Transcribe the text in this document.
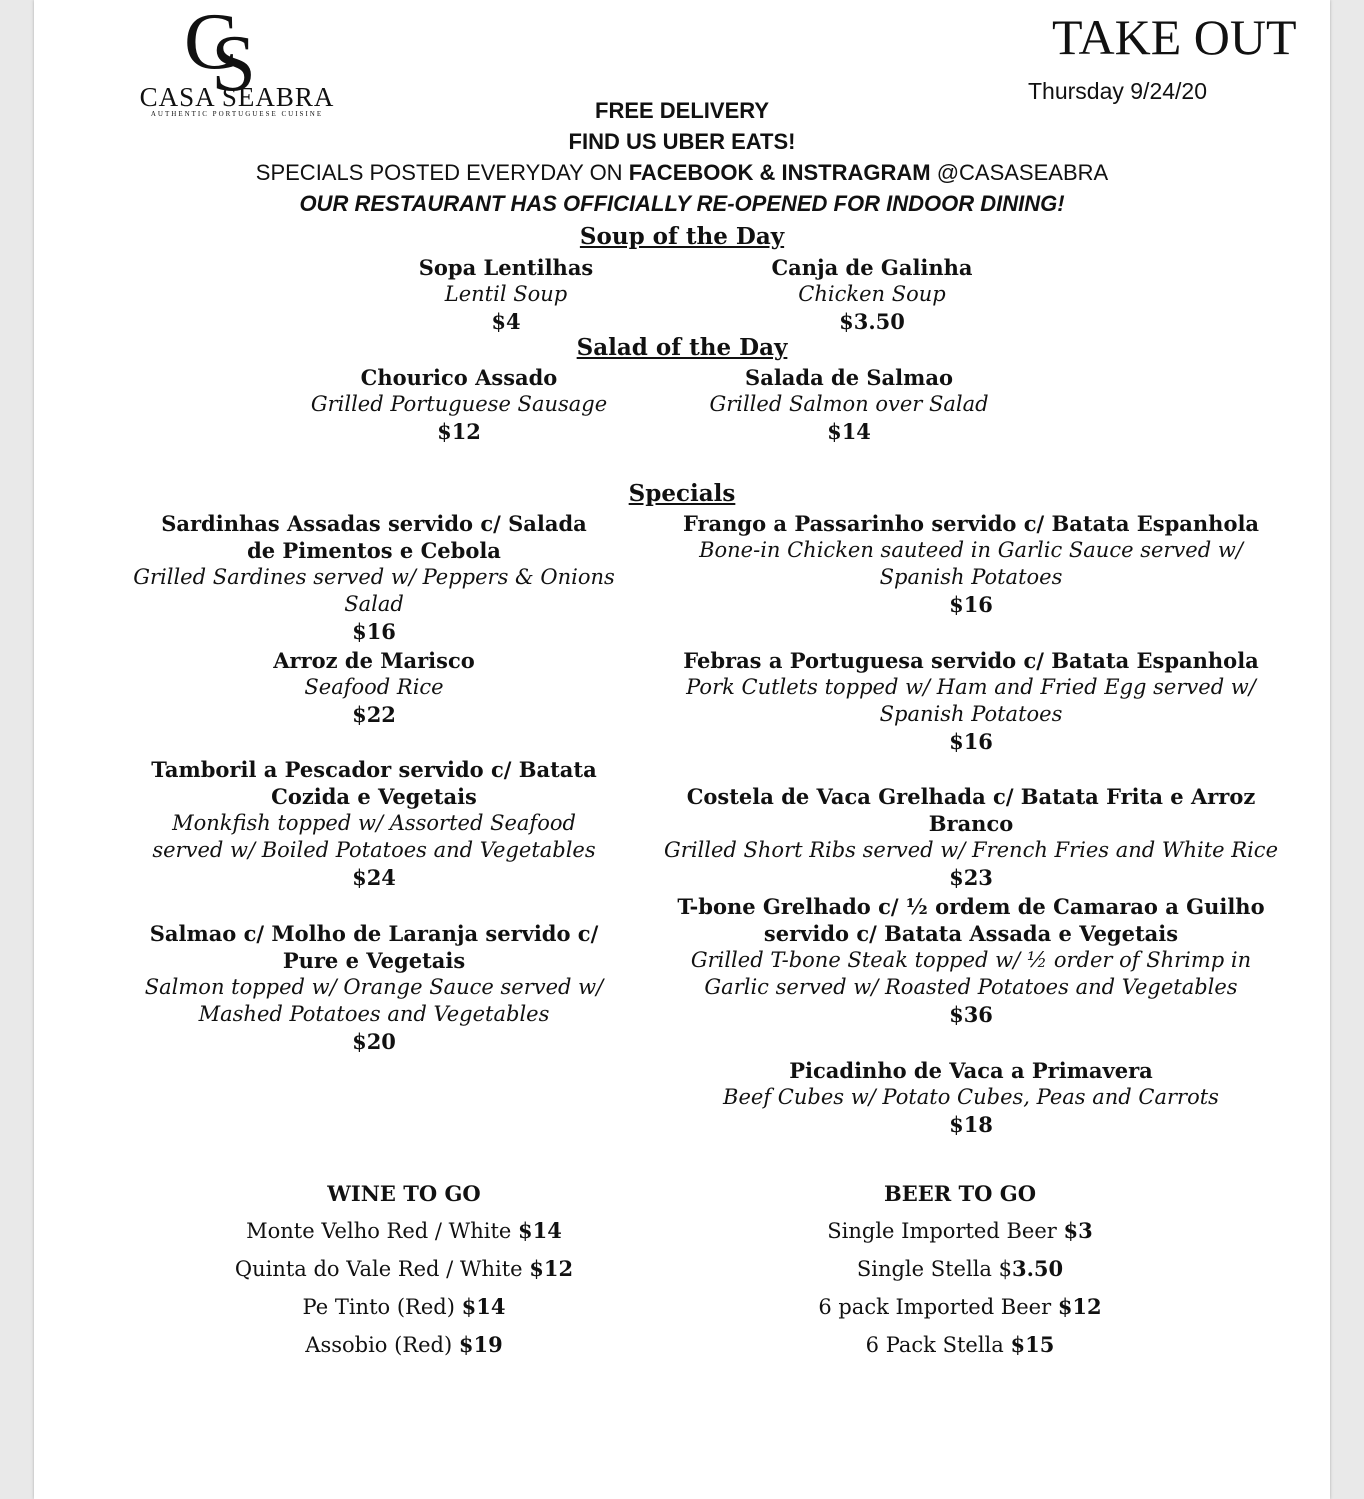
CS
CASA SEABRA
AUTHENTIC PORTUGUESE CUISINE
TAKE OUT
Thursday 9/24/20
FREE DELIVERY
FIND US UBER EATS!
SPECIALS POSTED EVERYDAY ON FACEBOOK & INSTRAGRAM @CASASEABRA
OUR RESTAURANT HAS OFFICIALLY RE-OPENED FOR INDOOR DINING!
Soup of the Day
Sopa Lentilhas
Lentil Soup
$4
Canja de Galinha
Chicken Soup
$3.50
Salad of the Day
Chourico Assado
Grilled Portuguese Sausage
$12
Salada de Salmao
Grilled Salmon over Salad
$14
Specials
Sardinhas Assadas servido c/ Salada de Pimentos e Cebola
Grilled Sardines served w/ Peppers & Onions Salad
$16
Arroz de Marisco
Seafood Rice
$22
Tamboril a Pescador servido c/ Batata Cozida e Vegetais
Monkfish topped w/ Assorted Seafood served w/ Boiled Potatoes and Vegetables
$24
Salmao c/ Molho de Laranja servido c/ Pure e Vegetais
Salmon topped w/ Orange Sauce served w/ Mashed Potatoes and Vegetables
$20
Frango a Passarinho servido c/ Batata Espanhola
Bone-in Chicken sauteed in Garlic Sauce served w/ Spanish Potatoes
$16
Febras a Portuguesa servido c/ Batata Espanhola
Pork Cutlets topped w/ Ham and Fried Egg served w/ Spanish Potatoes
$16
Costela de Vaca Grelhada c/ Batata Frita e Arroz Branco
Grilled Short Ribs served w/ French Fries and White Rice
$23
T-bone Grelhado c/ ½ ordem de Camarao a Guilho servido c/ Batata Assada e Vegetais
Grilled T-bone Steak topped w/ ½ order of Shrimp in Garlic served w/ Roasted Potatoes and Vegetables
$36
Picadinho de Vaca a Primavera
Beef Cubes w/ Potato Cubes, Peas and Carrots
$18
WINE TO GO
Monte Velho Red / White $14
Quinta do Vale Red / White $12
Pe Tinto (Red) $14
Assobio (Red) $19
BEER TO GO
Single Imported Beer $3
Single Stella $3.50
6 pack Imported Beer $12
6 Pack Stella $15
